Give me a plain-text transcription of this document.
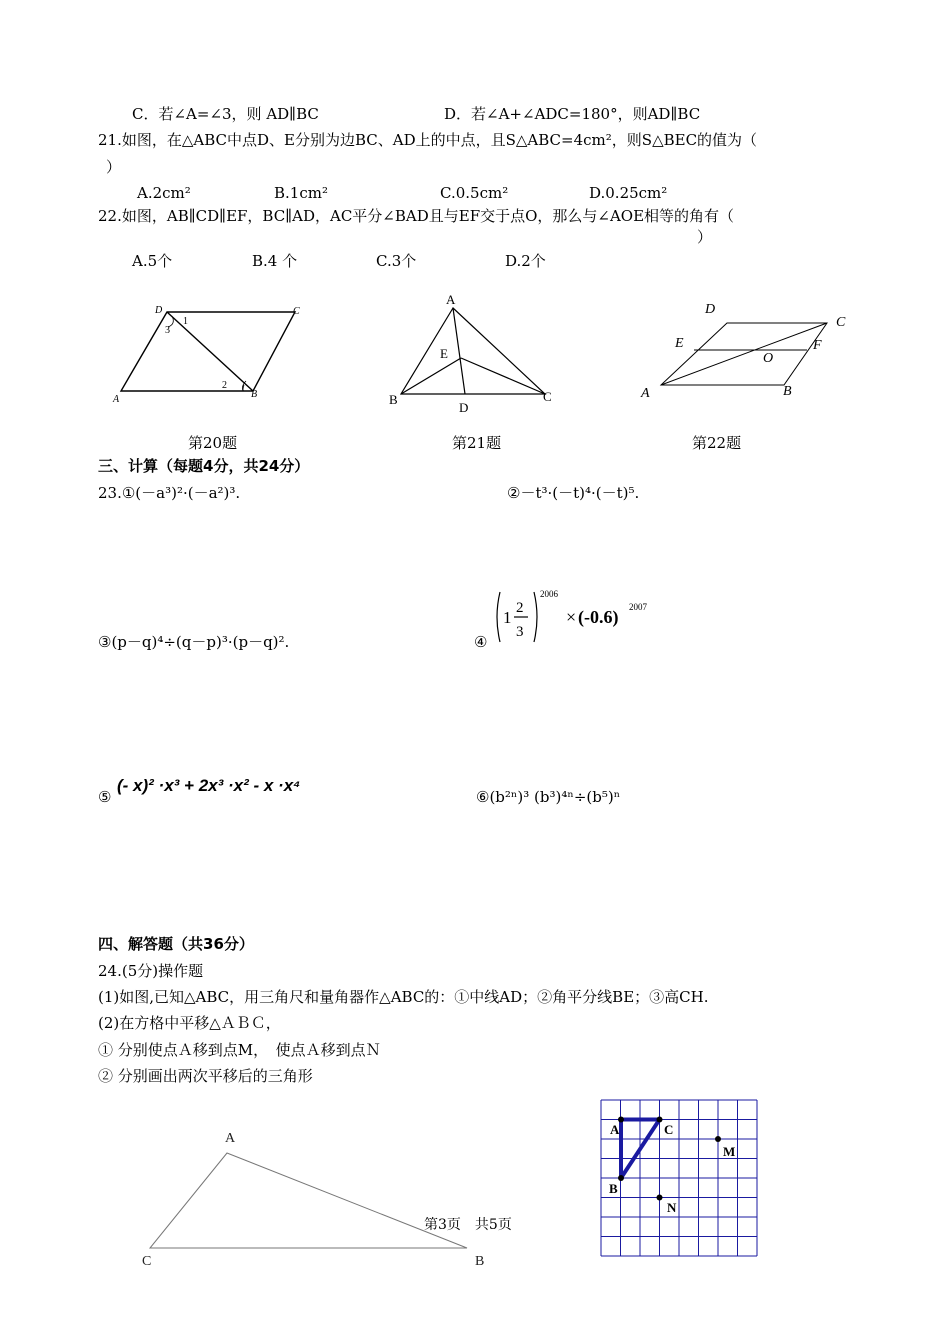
C．若∠A=∠3，则 AD∥BC	D．若∠A+∠ADC=180°，则AD∥BC
21.如图，在△ABC中点D、E分别为边BC、AD上的中点，且S△ABC=4cm²，则S△BEC的值为（
）
A.2cm²	B.1cm²	C.0.5cm²	D.0.25cm²
22.如图，AB∥CD∥EF，BC∥AD，AC平分∠BAD且与EF交于点O，那么与∠AOE相等的角有（
）
A.5个	B.4 个	C.3个	D.2个
D	C
A	B
1
2
3
第20题
A
B	C
D
E
第21题
D
C
E	F
O
A	B
第22题
三、计算（每题4分，共24分）
23.①(－a³)²·(－a²)³.	②－t³·(－t)⁴·(－t)⁵.
③(p－q)⁴÷(q－p)³·(p－q)².	④
1 2
3
2006
× (-0.6) 2007
⑤
(- x)² ·x³ + 2x³ ·x² - x ·x⁴
⑥(b²ⁿ)³ (b³)⁴ⁿ÷(b⁵)ⁿ
四、解答题（共36分）
24.(5分)操作题
(1)如图,已知△ABC，用三角尺和量角器作△ABC的：①中线AD；②角平分线BE；③高CH.
(2)在方格中平移△ＡＢＣ，
① 分别使点Ａ移到点M，　使点Ａ移到点Ｎ
② 分别画出两次平移后的三角形
A
C	B
第3页　共5页
A	C
B
M
N
